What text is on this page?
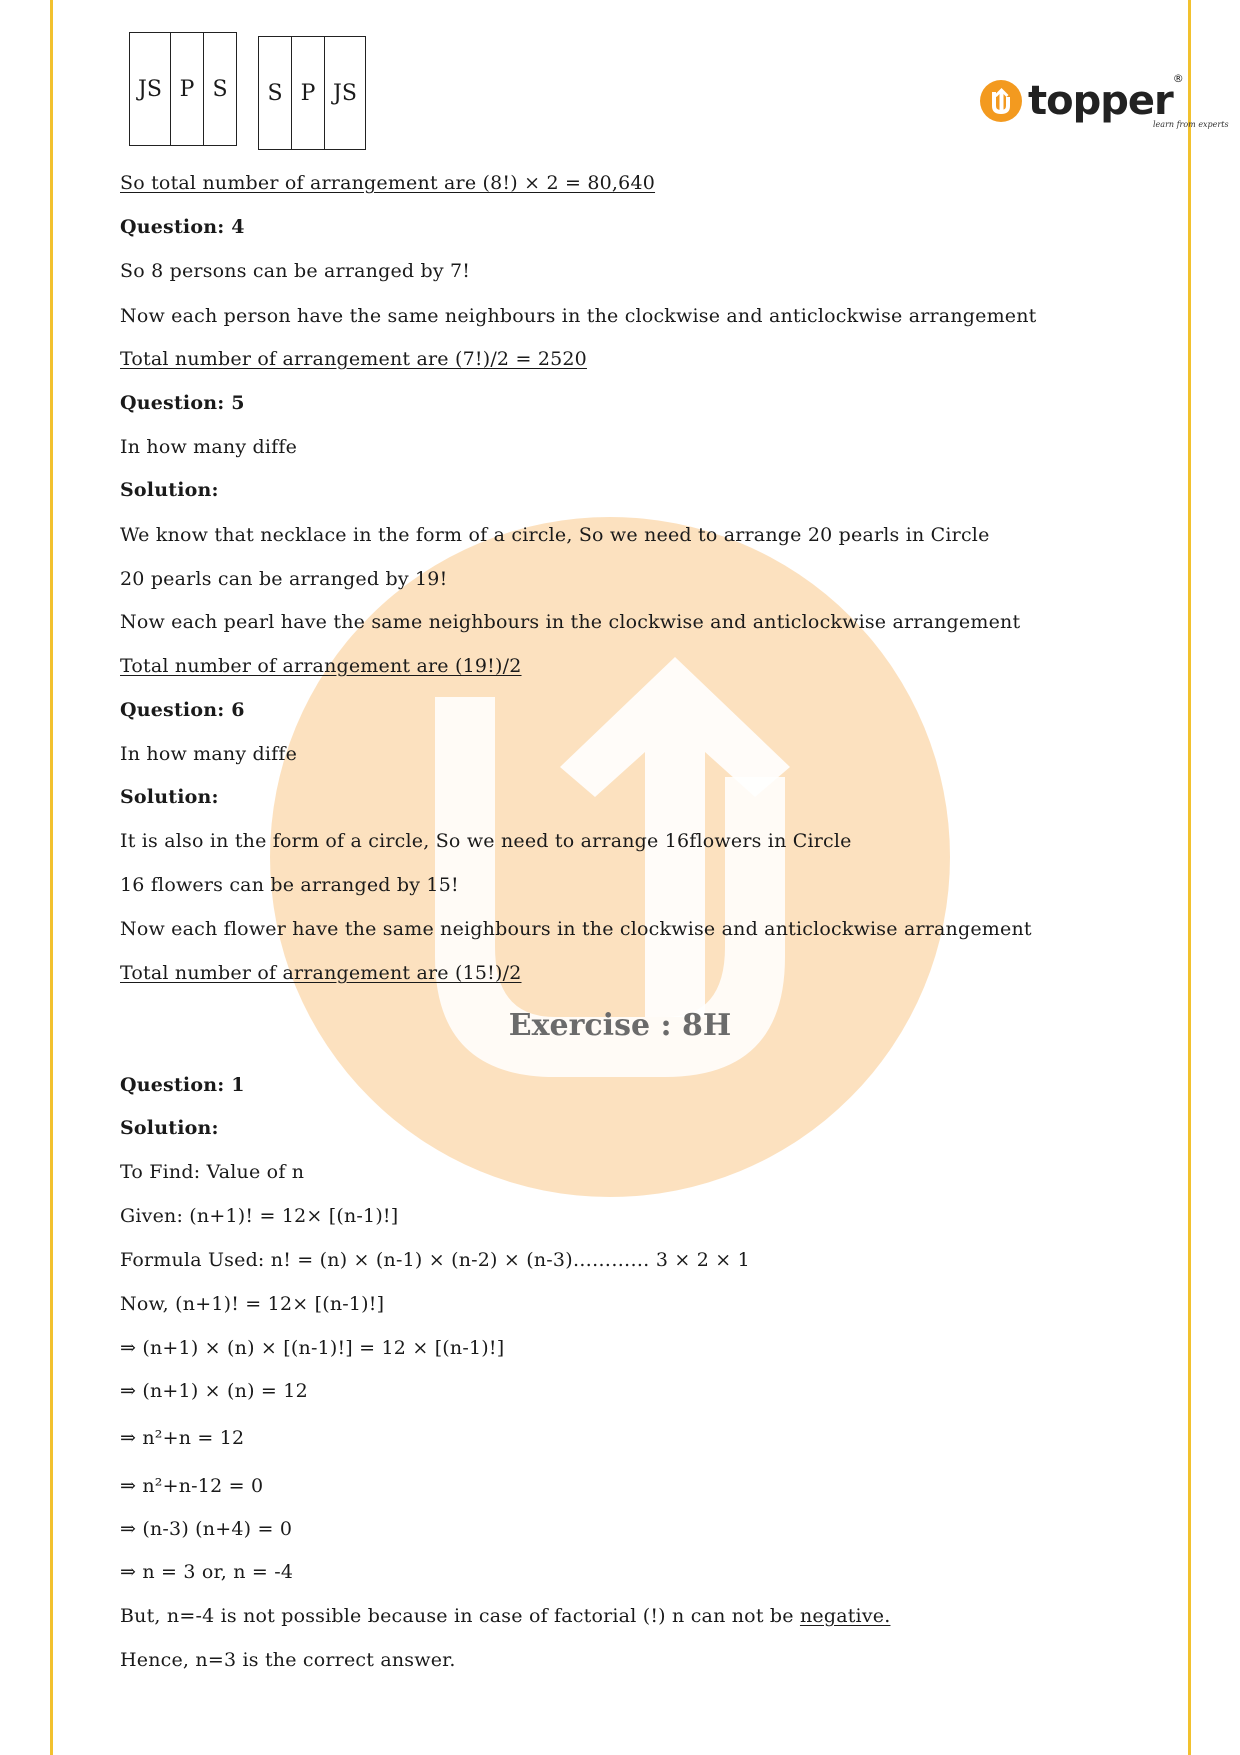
JS P S	S P JS	topper ®
learn from experts
So total number of arrangement are (8!) × 2 = 80,640
Question: 4
So 8 persons can be arranged by 7!
Now each person have the same neighbours in the clockwise and anticlockwise arrangement
Total number of arrangement are (7!)/2 = 2520
Question: 5
In how many diffe
Solution:
We know that necklace in the form of a circle, So we need to arrange 20 pearls in Circle
20 pearls can be arranged by 19!
Now each pearl have the same neighbours in the clockwise and anticlockwise arrangement
Total number of arrangement are (19!)/2
Question: 6
In how many diffe
Solution:
It is also in the form of a circle, So we need to arrange 16flowers in Circle
16 flowers can be arranged by 15!
Now each flower have the same neighbours in the clockwise and anticlockwise arrangement
Total number of arrangement are (15!)/2
Exercise : 8H
Question: 1
Solution:
To Find: Value of n
Given: (n+1)! = 12× [(n-1)!]
Formula Used: n! = (n) × (n-1) × (n-2) × (n-3)………… 3 × 2 × 1
Now, (n+1)! = 12× [(n-1)!]
⇒ (n+1) × (n) × [(n-1)!] = 12 × [(n-1)!]
⇒ (n+1) × (n) = 12
⇒ n²+n = 12
⇒ n²+n-12 = 0
⇒ (n-3) (n+4) = 0
⇒ n = 3 or, n = -4
But, n=-4 is not possible because in case of factorial (!) n can not be negative.
Hence, n=3 is the correct answer.
